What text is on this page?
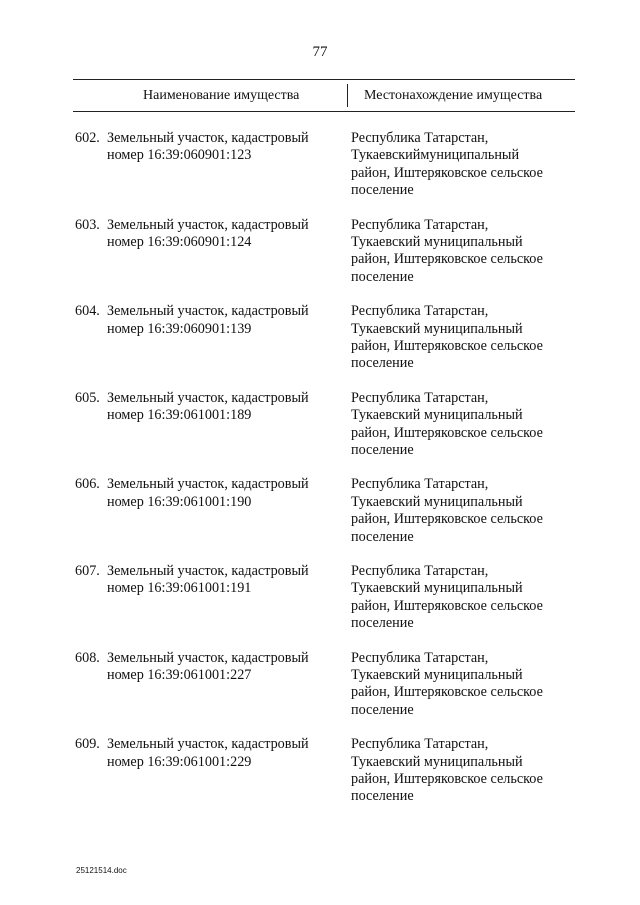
77
Наименование имущества	Местонахождение имущества
602. Земельный участок, кадастровый
номер 16:39:060901:123
Республика Татарстан,
Тукаевскиймуниципальный
район, Иштеряковское сельское
поселение
603. Земельный участок, кадастровый
номер 16:39:060901:124
Республика Татарстан,
Тукаевский муниципальный
район, Иштеряковское сельское
поселение
604. Земельный участок, кадастровый
номер 16:39:060901:139
Республика Татарстан,
Тукаевский муниципальный
район, Иштеряковское сельское
поселение
605. Земельный участок, кадастровый
номер 16:39:061001:189
Республика Татарстан,
Тукаевский муниципальный
район, Иштеряковское сельское
поселение
606. Земельный участок, кадастровый
номер 16:39:061001:190
Республика Татарстан,
Тукаевский муниципальный
район, Иштеряковское сельское
поселение
607. Земельный участок, кадастровый
номер 16:39:061001:191
Республика Татарстан,
Тукаевский муниципальный
район, Иштеряковское сельское
поселение
608. Земельный участок, кадастровый
номер 16:39:061001:227
Республика Татарстан,
Тукаевский муниципальный
район, Иштеряковское сельское
поселение
609. Земельный участок, кадастровый
номер 16:39:061001:229
Республика Татарстан,
Тукаевский муниципальный
район, Иштеряковское сельское
поселение
25121514.doc
